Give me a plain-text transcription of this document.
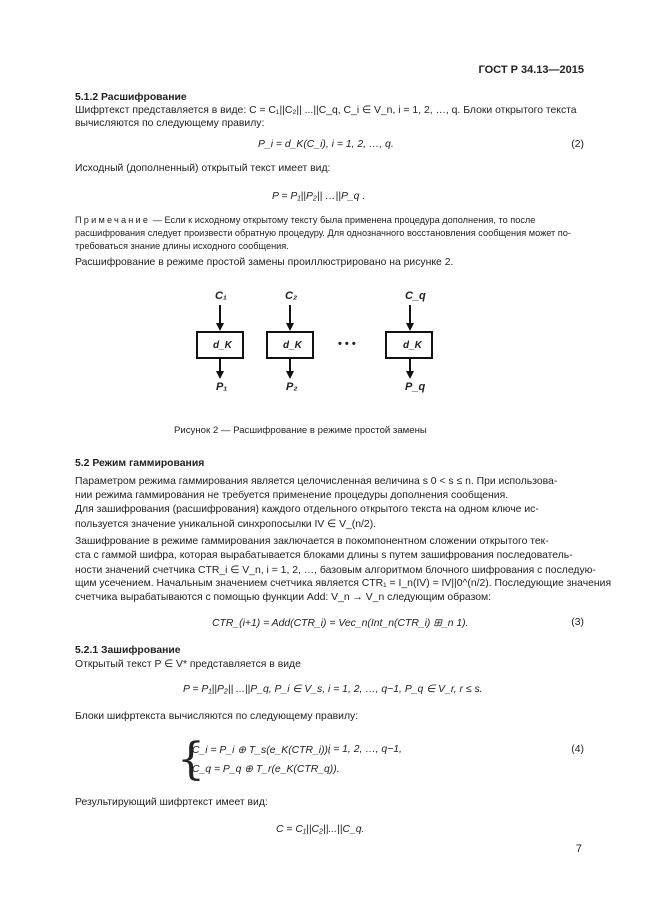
ГОСТ Р 34.13—2015
5.1.2 Расшифрование
Шифртекст представляется в виде: C = C₁||C₂|| ...||C_q, C_i ∈ V_n, i = 1, 2, …, q. Блоки открытого текста
вычисляются по следующему правилу:
P_i = d_K(C_i), i = 1, 2, …, q.	(2)
Исходный (дополненный) открытый текст имеет вид:
P = P₁||P₂|| …||P_q .
Примечание — Если к исходному открытому тексту была применена процедура дополнения, то после
расшифрования следует произвести обратную процедуру. Для однозначного восстановления сообщения может по-
требоваться знание длины исходного сообщения.
Расшифрование в режиме простой замены проиллюстрировано на рисунке 2.
C₁
d_K
P₁
C₂
d_K
P₂
• • •
C_q
d_K
P_q
Рисунок 2 — Расшифрование в режиме простой замены
5.2 Режим гаммирования
Параметром режима гаммирования является целочисленная величина s 0 < s ≤ n. При использова-
нии режима гаммирования не требуется применение процедуры дополнения сообщения.
Для зашифрования (расшифрования) каждого отдельного открытого текста на одном ключе ис-
пользуется значение уникальной синхропосылки IV ∈ V_(n/2).
Зашифрование в режиме гаммирования заключается в покомпонентном сложении открытого тек-
ста с гаммой шифра, которая вырабатывается блоками длины s путем зашифрования последователь-
ности значений счетчика CTR_i ∈ V_n, i = 1, 2, …, базовым алгоритмом блочного шифрования с последую-
щим усечением. Начальным значением счетчика является CTR₁ = I_n(IV) = IV||0^(n/2). Последующие значения
счетчика вырабатываются с помощью функции Add: V_n → V_n следующим образом:
CTR_(i+1) = Add(CTR_i) = Vec_n(Int_n(CTR_i) ⊞_n 1).	(3)
5.2.1 Зашифрование
Открытый текст P ∈ V* представляется в виде
P = P₁||P₂|| ...||P_q, P_i ∈ V_s, i = 1, 2, …, q−1, P_q ∈ V_r, r ≤ s.
Блоки шифртекста вычисляются по следующему правилу:
{
C_i = P_i ⊕ T_s(e_K(CTR_i)),
i = 1, 2, …, q−1,
C_q = P_q ⊕ T_r(e_K(CTR_q)).
(4)
Результирующий шифртекст имеет вид:
C = C₁||C₂||...||C_q.
7
